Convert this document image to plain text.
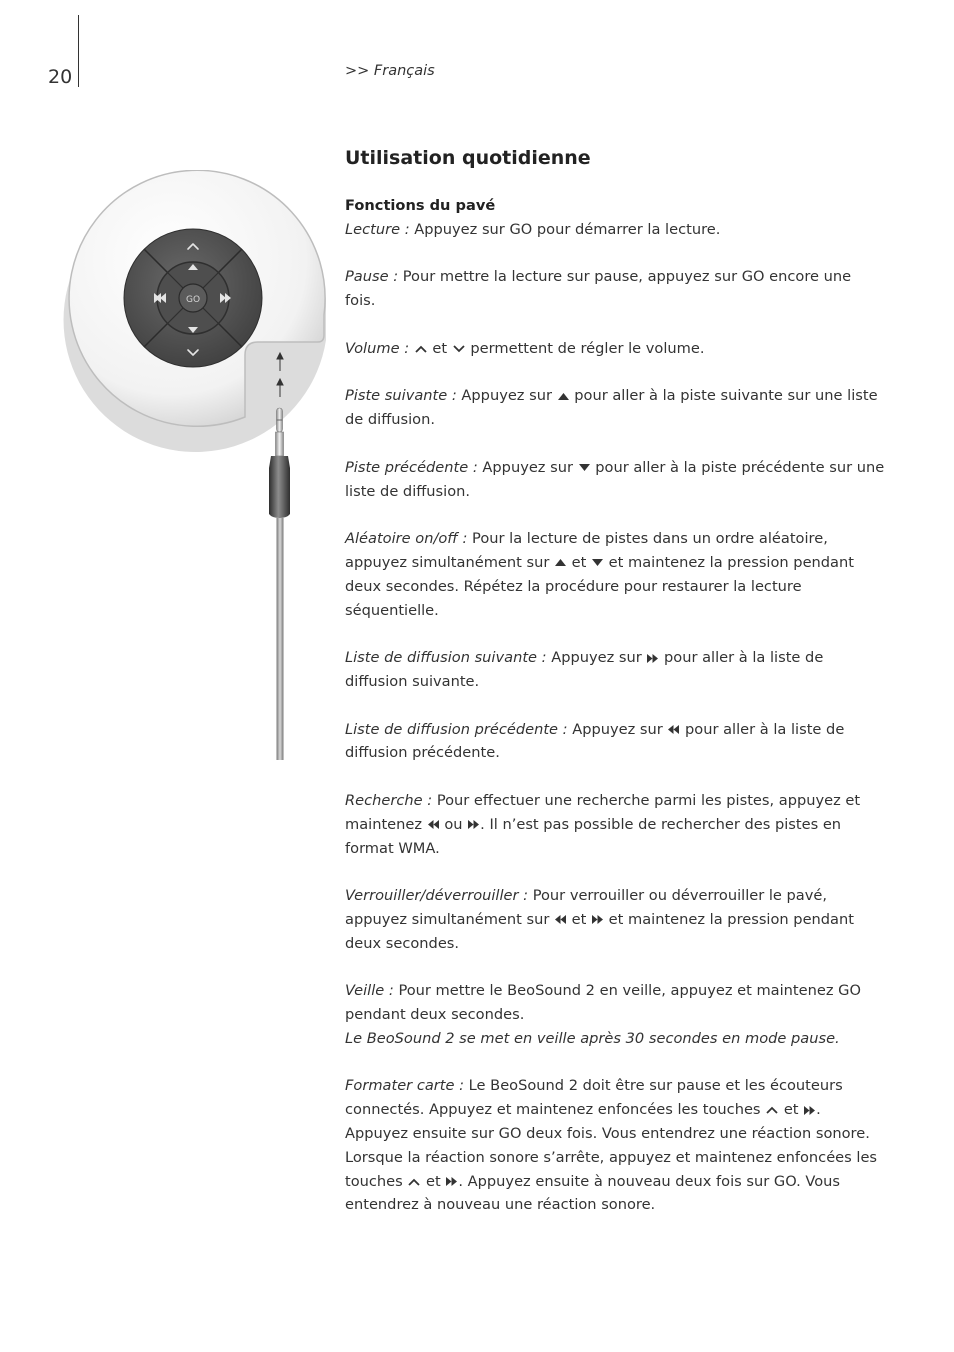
20	>> Français
Utilisation quotidienne
GO
Fonctions du pavé

Lecture : Appuyez sur GO pour démarrer la lecture.

Pause : Pour mettre la lecture sur pause, appuyez sur GO encore une fois.

Volume :  et  permettent de régler le volume.

Piste suivante : Appuyez sur  pour aller à la piste suivante sur une liste de diffusion.

Piste précédente : Appuyez sur  pour aller à la piste précédente sur une liste de diffusion.

Aléatoire on/off : Pour la lecture de pistes dans un ordre aléatoire, appuyez simultanément sur  et  et maintenez la pression pendant deux secondes. Répétez la procédure pour restaurer la lecture séquentielle.

Liste de diffusion suivante : Appuyez sur  pour aller à la liste de diffusion suivante.

Liste de diffusion précédente : Appuyez sur  pour aller à la liste de diffusion précédente.

Recherche : Pour effectuer une recherche parmi les pistes, appuyez et maintenez  ou . Il n’est pas possible de rechercher des pistes en format WMA.

Verrouiller/déverrouiller : Pour verrouiller ou déverrouiller le pavé, appuyez simultanément sur  et  et maintenez la pression pendant deux secondes.

Veille : Pour mettre le BeoSound 2 en veille, appuyez et maintenez GO pendant deux secondes.
Le BeoSound 2 se met en veille après 30 secondes en mode pause.

Formater carte : Le BeoSound 2 doit être sur pause et les écouteurs connectés. Appuyez et maintenez enfoncées les touches  et . Appuyez ensuite sur GO deux fois. Vous entendrez une réaction sonore. Lorsque la réaction sonore s’arrête, appuyez et maintenez enfoncées les touches  et . Appuyez ensuite à nouveau deux fois sur GO. Vous entendrez à nouveau une réaction sonore.
